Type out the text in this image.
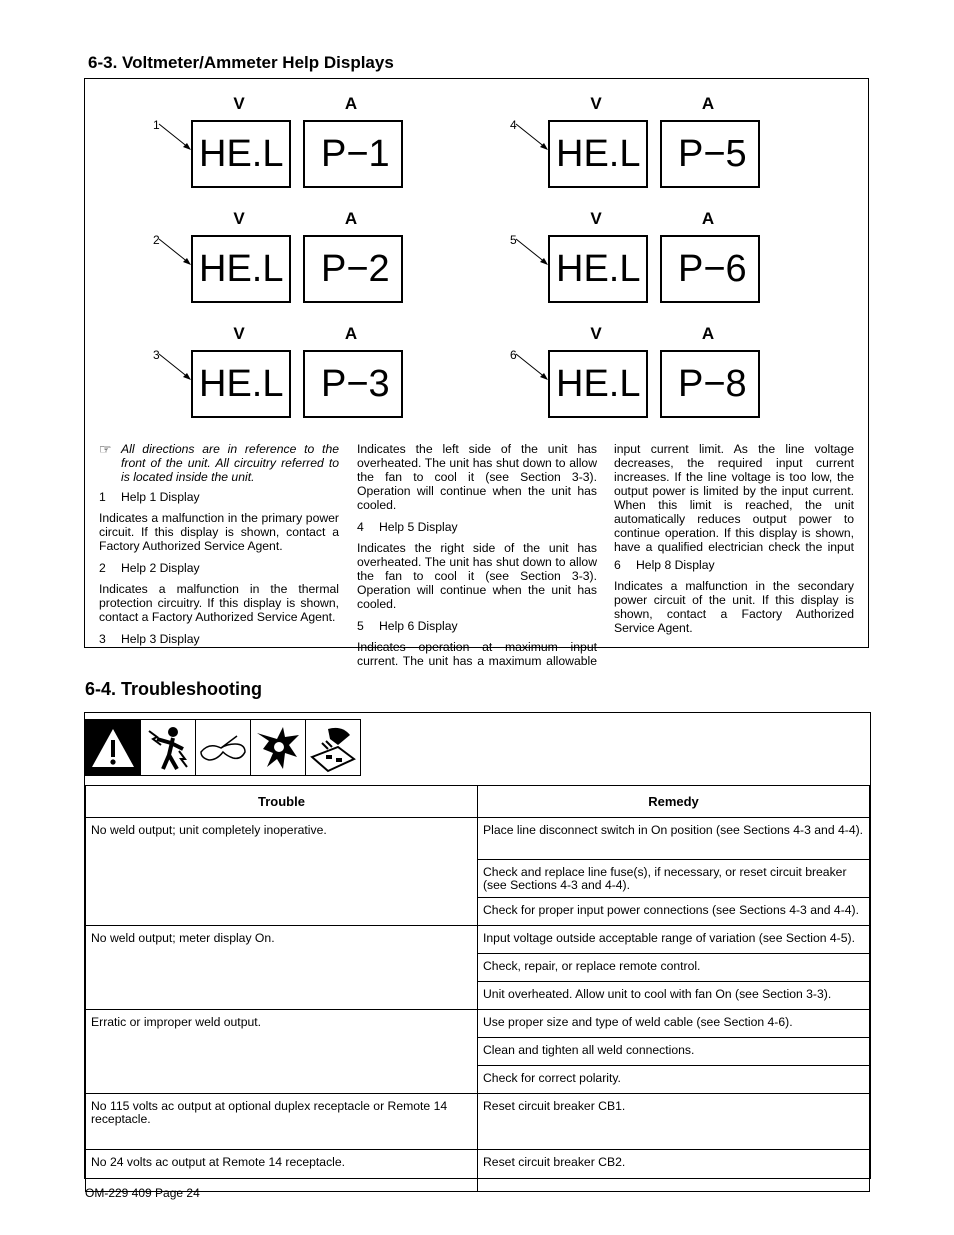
6-3. Voltmeter/Ammeter Help Displays
V	A
1
HE.L P−1
V	A
2
HE.L P−2
V	A
3
HE.L P−3
V	A
4
HE.L P−5
V	A
5
HE.L P−6
V	A
6
HE.L P−8
☞ All directions are in reference to the front of the unit. All circuitry referred to is located inside the unit.
1 Help 1 Display

Indicates a malfunction in the primary power circuit. If this display is shown, contact a Factory Authorized Service Agent.

2 Help 2 Display

Indicates a malfunction in the thermal protection circuitry. If this display is shown, contact a Factory Authorized Service Agent.

3 Help 3 Display

Indicates the left side of the unit has overheated. The unit has shut down to allow the fan to cool it (see Section 3-3). Operation will continue when the unit has cooled.

4 Help 5 Display

Indicates the right side of the unit has overheated. The unit has shut down to allow the fan to cool it (see Section 3-3). Operation will continue when the unit has cooled.

5 Help 6 Display

Indicates operation at maximum input current. The unit has a maximum allowable

input current limit. As the line voltage decreases, the required input current increases. If the line voltage is too low, the output power is limited by the input current. When this limit is reached, the unit automatically reduces output power to continue operation. If this display is shown, have a qualified electrician check the input

6 Help 8 Display

Indicates a malfunction in the secondary power circuit of the unit. If this display is shown, contact a Factory Authorized Service Agent.

6-4. Troubleshooting
Trouble	Remedy
No weld output; unit completely inoperative.	Place line disconnect switch in On position (see Sections 4-3 and 4-4).
	Check and replace line fuse(s), if necessary, or reset circuit breaker (see Sections 4-3 and 4-4).
	Check for proper input power connections (see Sections 4-3 and 4-4).
No weld output; meter display On.	Input voltage outside acceptable range of variation (see Section 4-5).
	Check, repair, or replace remote control.
	Unit overheated. Allow unit to cool with fan On (see Section 3-3).
Erratic or improper weld output.	Use proper size and type of weld cable (see Section 4-6).
	Clean and tighten all weld connections.
	Check for correct polarity.
No 115 volts ac output at optional duplex receptacle or Remote 14 receptacle.	Reset circuit breaker CB1.
No 24 volts ac output at Remote 14 receptacle.	Reset circuit breaker CB2.
OM-229 409 Page 24
